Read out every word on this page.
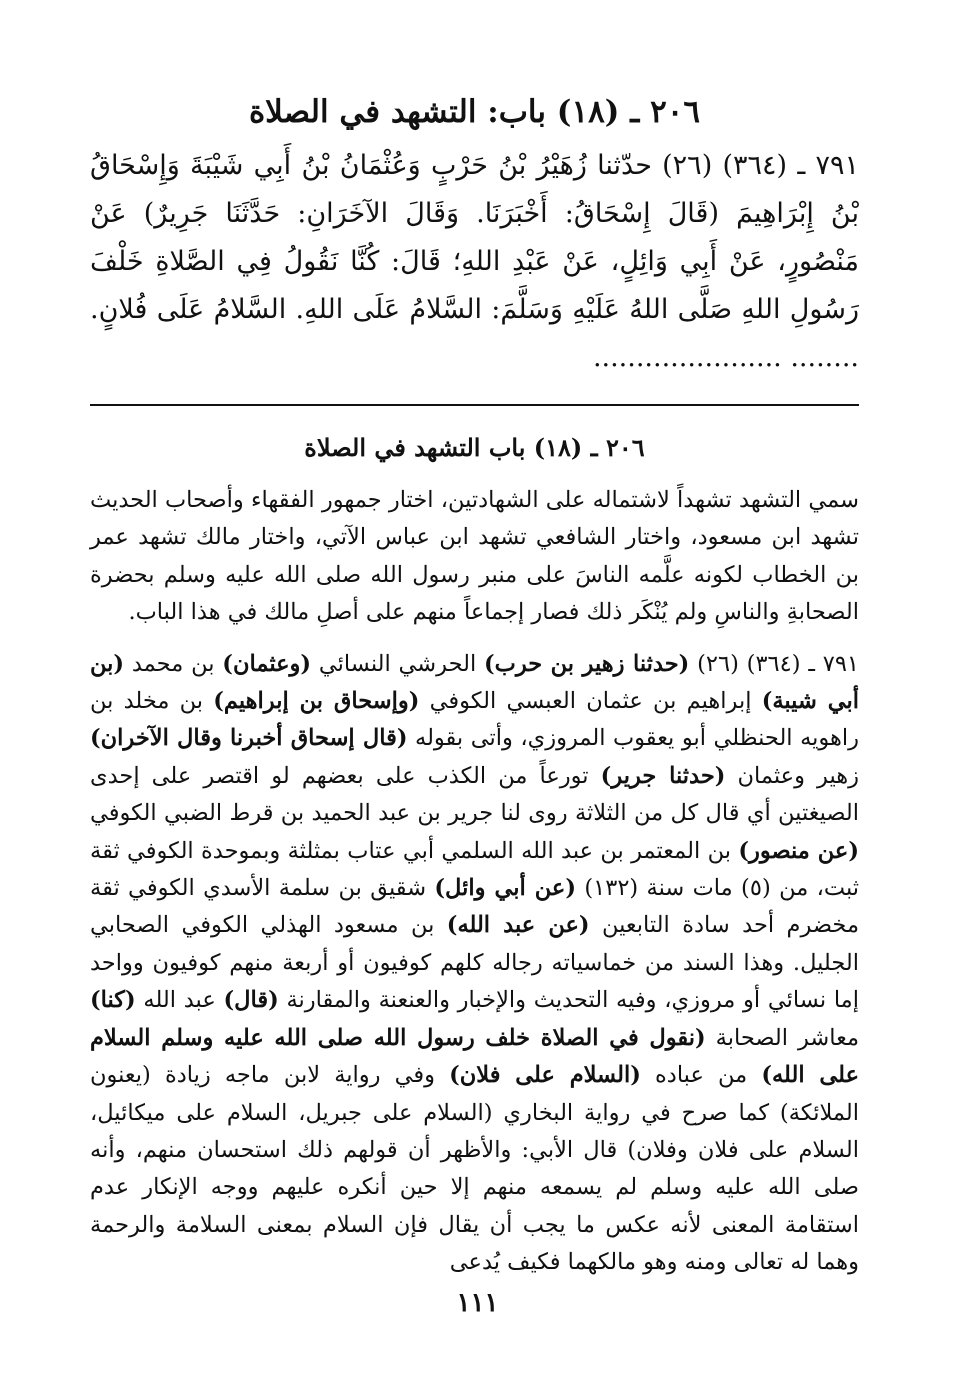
٢٠٦ ـ (١٨) باب: التشهد في الصلاة

٧٩١ ـ (٣٦٤) (٢٦) حدّثنا زُهَيْرُ بْنُ حَرْبٍ وَعُثْمَانُ بْنُ أَبِي شَيْبَةَ وَإِسْحَاقُ بْنُ إِبْرَاهِيمَ (قَالَ إِسْحَاقُ: أَخْبَرَنَا. وَقَالَ الآخَرَانِ: حَدَّثَنَا جَرِيرٌ) عَنْ مَنْصُورٍ، عَنْ أَبِي وَائِلٍ، عَنْ عَبْدِ اللهِ؛ قَالَ: كُنَّا نَقُولُ فِي الصَّلاةِ خَلْفَ رَسُولِ اللهِ صَلَّى اللهُ عَلَيْهِ وَسَلَّمَ: السَّلامُ عَلَى اللهِ. السَّلامُ عَلَى فُلانٍ. ........ ......................

٢٠٦ ـ (١٨) باب التشهد في الصلاة

سمي التشهد تشهداً لاشتماله على الشهادتين، اختار جمهور الفقهاء وأصحاب الحديث تشهد ابن مسعود، واختار الشافعي تشهد ابن عباس الآتي، واختار مالك تشهد عمر بن الخطاب لكونه علَّمه الناسَ على منبر رسول الله صلى الله عليه وسلم بحضرة الصحابةِ والناسِ ولم يُنْكَر ذلك فصار إجماعاً منهم على أصلِ مالك في هذا الباب.

٧٩١ ـ (٣٦٤) (٢٦) (حدثنا زهير بن حرب) الحرشي النسائي (وعثمان) بن محمد (بن أبي شيبة) إبراهيم بن عثمان العبسي الكوفي (وإسحاق بن إبراهيم) بن مخلد بن راهويه الحنظلي أبو يعقوب المروزي، وأتى بقوله (قال إسحاق أخبرنا وقال الآخران) زهير وعثمان (حدثنا جرير) تورعاً من الكذب على بعضهم لو اقتصر على إحدى الصيغتين أي قال كل من الثلاثة روى لنا جرير بن عبد الحميد بن قرط الضبي الكوفي (عن منصور) بن المعتمر بن عبد الله السلمي أبي عتاب بمثلثة وبموحدة الكوفي ثقة ثبت، من (٥) مات سنة (١٣٢) (عن أبي وائل) شقيق بن سلمة الأسدي الكوفي ثقة مخضرم أحد سادة التابعين (عن عبد الله) بن مسعود الهذلي الكوفي الصحابي الجليل. وهذا السند من خماسياته رجاله كلهم كوفيون أو أربعة منهم كوفيون وواحد إما نسائي أو مروزي، وفيه التحديث والإخبار والعنعنة والمقارنة (قال) عبد الله (كنا) معاشر الصحابة (نقول في الصلاة خلف رسول الله صلى الله عليه وسلم السلام على الله) من عباده (السلام على فلان) وفي رواية لابن ماجه زيادة (يعنون الملائكة) كما صرح في رواية البخاري (السلام على جبريل، السلام على ميكائيل، السلام على فلان وفلان) قال الأبي: والأظهر أن قولهم ذلك استحسان منهم، وأنه صلى الله عليه وسلم لم يسمعه منهم إلا حين أنكره عليهم ووجه الإنكار عدم استقامة المعنى لأنه عكس ما يجب أن يقال فإن السلام بمعنى السلامة والرحمة وهما له تعالى ومنه وهو مالكهما فكيف يُدعى

١١١
